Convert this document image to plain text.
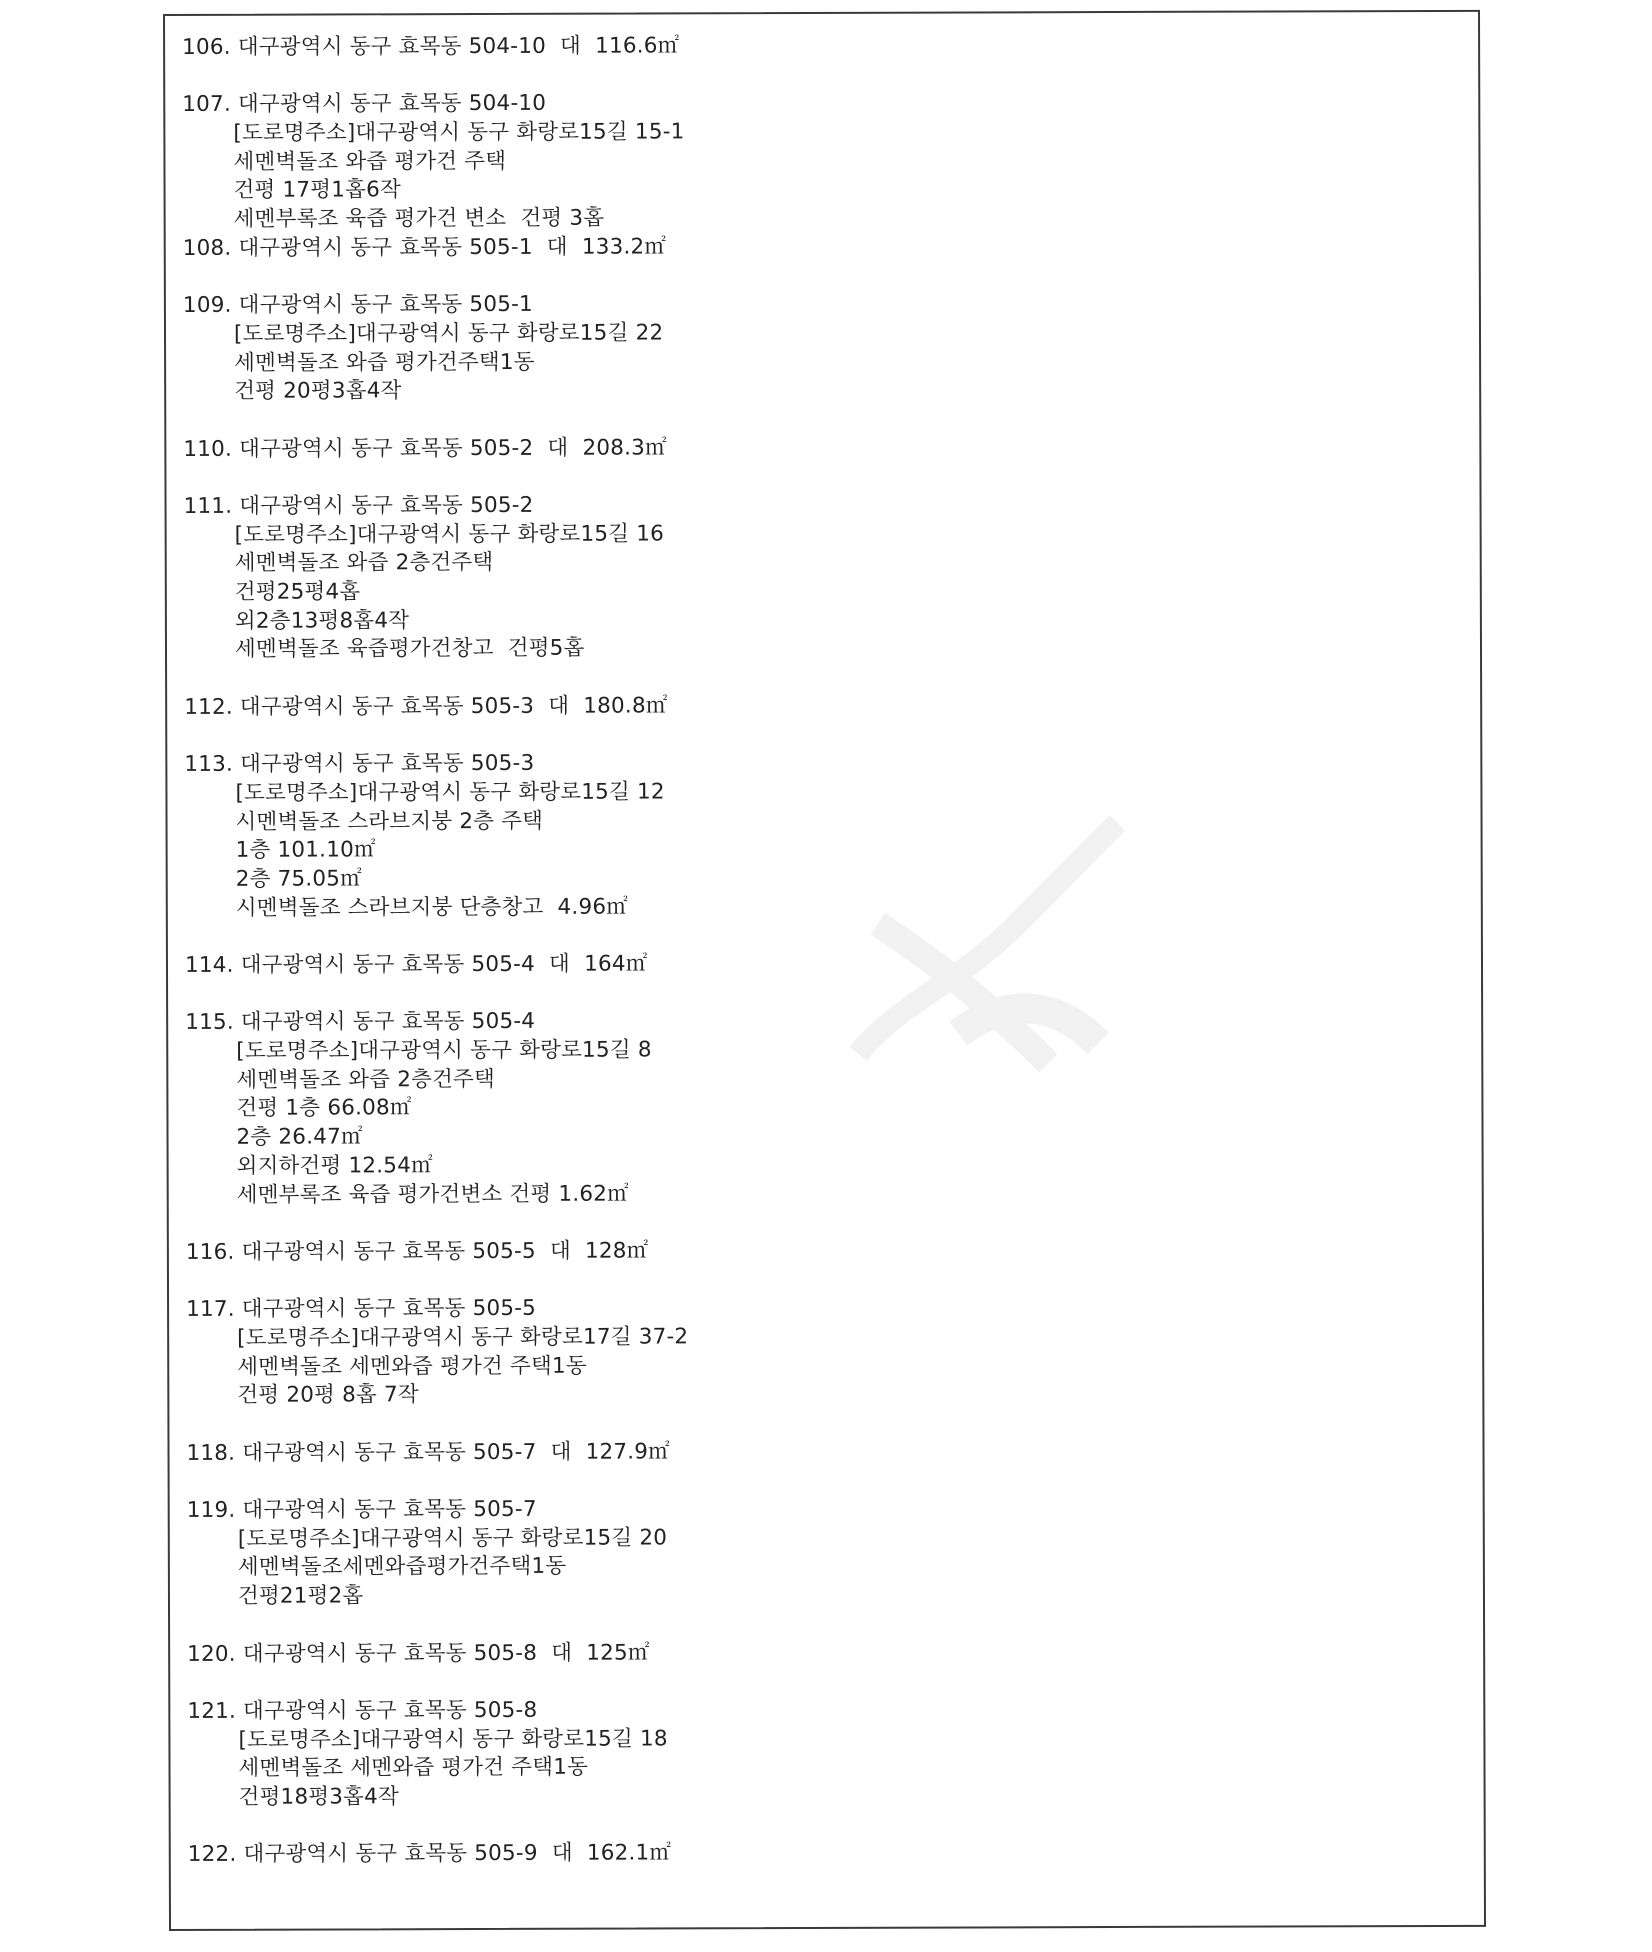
106. 대구광역시 동구 효목동 504-10  대  116.6㎡
107. 대구광역시 동구 효목동 504-10
[도로명주소]대구광역시 동구 화랑로15길 15-1
세멘벽돌조 와즙 평가건 주택
건평 17평1홉6작
세멘부록조 육즙 평가건 변소  건평 3홉
108. 대구광역시 동구 효목동 505-1  대  133.2㎡
109. 대구광역시 동구 효목동 505-1
[도로명주소]대구광역시 동구 화랑로15길 22
세멘벽돌조 와즙 평가건주택1동
건평 20평3홉4작
110. 대구광역시 동구 효목동 505-2  대  208.3㎡
111. 대구광역시 동구 효목동 505-2
[도로명주소]대구광역시 동구 화랑로15길 16
세멘벽돌조 와즙 2층건주택
건평25평4홉
외2층13평8홉4작
세멘벽돌조 육즙평가건창고  건평5홉
112. 대구광역시 동구 효목동 505-3  대  180.8㎡
113. 대구광역시 동구 효목동 505-3
[도로명주소]대구광역시 동구 화랑로15길 12
시멘벽돌조 스라브지붕 2층 주택
1층 101.10㎡
2층 75.05㎡
시멘벽돌조 스라브지붕 단층창고  4.96㎡
114. 대구광역시 동구 효목동 505-4  대  164㎡
115. 대구광역시 동구 효목동 505-4
[도로명주소]대구광역시 동구 화랑로15길 8
세멘벽돌조 와즙 2층건주택
건평 1층 66.08㎡
2층 26.47㎡
외지하건평 12.54㎡
세멘부록조 육즙 평가건변소 건평 1.62㎡
116. 대구광역시 동구 효목동 505-5  대  128㎡
117. 대구광역시 동구 효목동 505-5
[도로명주소]대구광역시 동구 화랑로17길 37-2
세멘벽돌조 세멘와즙 평가건 주택1동
건평 20평 8홉 7작
118. 대구광역시 동구 효목동 505-7  대  127.9㎡
119. 대구광역시 동구 효목동 505-7
[도로명주소]대구광역시 동구 화랑로15길 20
세멘벽돌조세멘와즙평가건주택1동
건평21평2홉
120. 대구광역시 동구 효목동 505-8  대  125㎡
121. 대구광역시 동구 효목동 505-8
[도로명주소]대구광역시 동구 화랑로15길 18
세멘벽돌조 세멘와즙 평가건 주택1동
건평18평3홉4작
122. 대구광역시 동구 효목동 505-9  대  162.1㎡
